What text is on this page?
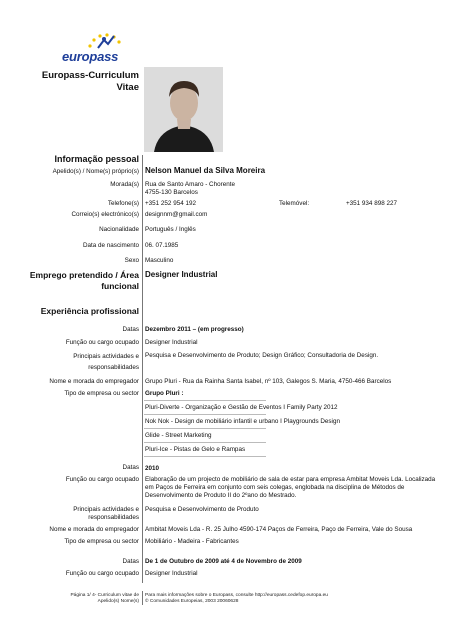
europass
Europass-Curriculum
Vitae
Informação pessoal
Apelido(s) / Nome(s) próprio(s) Nelson Manuel da Silva Moreira
Morada(s) Rua de Santo Amaro - Chorente
4755-130 Barcelos
Telefone(s) +351 252 954 192	Telemóvel:	+351 934 898 227
Correio(s) electrónico(s) designnm@gmail.com
Nacionalidade Português / Inglês
Data de nascimento 06. 07.1985
Sexo Masculino
Emprego pretendido / Área
funcional
Designer Industrial
Experiência profissional
Datas Dezembro 2011 – (em progresso)
Função ou cargo ocupado Designer Industrial
Principais actividades e responsabilidades
Pesquisa e Desenvolvimento de Produto; Design Gráfico; Consultadoria de Design.
Nome e morada do empregador Grupo Pluri - Rua da Rainha Santa Isabel, nº 103, Galegos S. Maria, 4750-466 Barcelos
Tipo de empresa ou sector Grupo Pluri :
Pluri-Diverte - Organização e Gestão de Eventos I Family Party 2012
Nok Nok - Design de mobiliário infantil e urbano I Playgrounds Design
Glide - Street Marketing
Pluri-Ice - Pistas de Gelo e Rampas
Datas 2010
Função ou cargo ocupado Elaboração de um projecto de mobiliário de sala de estar para empresa Ambitat Moveis Lda. Localizada em Paços de Ferreira em conjunto com seis colegas, englobada na disciplina de Métodos de Desenvolvimento de Produto II do 2ºano do Mestrado.
Principais actividades e responsabilidades
Pesquisa e Desenvolvimento de Produto
Nome e morada do empregador Ambitat Moveis Lda - R. 25 Julho 4590-174 Paços de Ferreira, Paço de Ferreira, Vale do Sousa
Tipo de empresa ou sector Mobiliário - Madeira - Fabricantes
Datas De 1 de Outubro de 2009 até 4 de Novembro de 2009
Função ou cargo ocupado Designer Industrial
Página 1/ 4- Curriculum vitae de
Apelido(s) Nome(s)
Para mais informações sobre o Europass, consulte http://europass.cedefop.europa.eu
© Comunidades Europeias, 2003 20060628
